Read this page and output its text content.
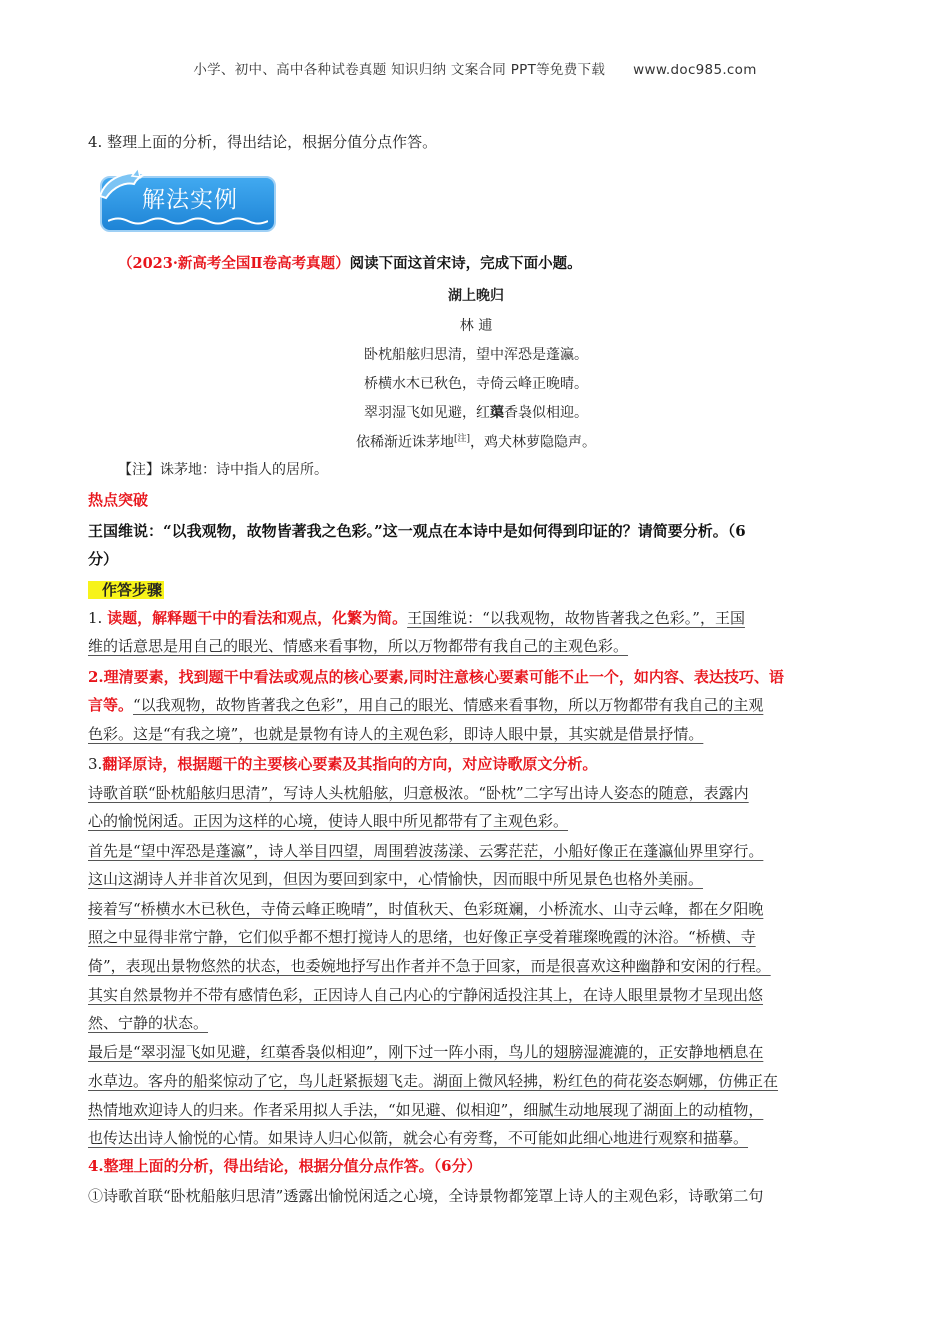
小学、初中、高中各种试卷真题 知识归纳 文案合同 PPT等免费下载 www.doc985.com
4. 整理上面的分析，得出结论，根据分值分点作答。
解法实例
（2023·新高考全国Ⅱ卷高考真题）阅读下面这首宋诗，完成下面小题。
湖上晚归
林 逋
卧枕船舷归思清，望中浑恐是蓬瀛。
桥横水木已秋色，寺倚云峰正晚晴。
翠羽湿飞如见避，红蕖香袅似相迎。
依稀渐近诛茅地[注]，鸡犬林萝隐隐声。
【注】诛茅地：诗中指人的居所。
热点突破
王国维说：“以我观物，故物皆著我之色彩。”这一观点在本诗中是如何得到印证的？请简要分析。（6
分）
作答步骤
1. 读题，解释题干中的看法和观点，化繁为简。王国维说：“以我观物，故物皆著我之色彩。”，王国
维的话意思是用自己的眼光、情感来看事物，所以万物都带有我自己的主观色彩。
2.理清要素，找到题干中看法或观点的核心要素,同时注意核心要素可能不止一个，如内容、表达技巧、语
言等。“以我观物，故物皆著我之色彩”，用自己的眼光、情感来看事物，所以万物都带有我自己的主观
色彩。这是“有我之境”，也就是景物有诗人的主观色彩，即诗人眼中景，其实就是借景抒情。
3.翻译原诗，根据题干的主要核心要素及其指向的方向，对应诗歌原文分析。
诗歌首联“卧枕船舷归思清”，写诗人头枕船舷，归意极浓。“卧枕”二字写出诗人姿态的随意，表露内
心的愉悦闲适。正因为这样的心境，使诗人眼中所见都带有了主观色彩。
首先是“望中浑恐是蓬瀛”，诗人举目四望，周围碧波荡漾、云雾茫茫，小船好像正在蓬瀛仙界里穿行。
这山这湖诗人并非首次见到，但因为要回到家中，心情愉快，因而眼中所见景色也格外美丽。
接着写“桥横水木已秋色，寺倚云峰正晚晴”，时值秋天、色彩斑斓，小桥流水、山寺云峰，都在夕阳晚
照之中显得非常宁静，它们似乎都不想打搅诗人的思绪，也好像正享受着璀璨晚霞的沐浴。“桥横、寺
倚”，表现出景物悠然的状态，也委婉地抒写出作者并不急于回家，而是很喜欢这种幽静和安闲的行程。
其实自然景物并不带有感情色彩，正因诗人自己内心的宁静闲适投注其上，在诗人眼里景物才呈现出悠
然、宁静的状态。
最后是“翠羽湿飞如见避，红蕖香袅似相迎”，刚下过一阵小雨，鸟儿的翅膀湿漉漉的，正安静地栖息在
水草边。客舟的船桨惊动了它，鸟儿赶紧振翅飞走。湖面上微风轻拂，粉红色的荷花姿态婀娜，仿佛正在
热情地欢迎诗人的归来。作者采用拟人手法，“如见避、似相迎”，细腻生动地展现了湖面上的动植物，
也传达出诗人愉悦的心情。如果诗人归心似箭，就会心有旁骛，不可能如此细心地进行观察和描摹。
4.整理上面的分析，得出结论，根据分值分点作答。（6分）
①诗歌首联“卧枕船舷归思清”透露出愉悦闲适之心境，全诗景物都笼罩上诗人的主观色彩，诗歌第二句
